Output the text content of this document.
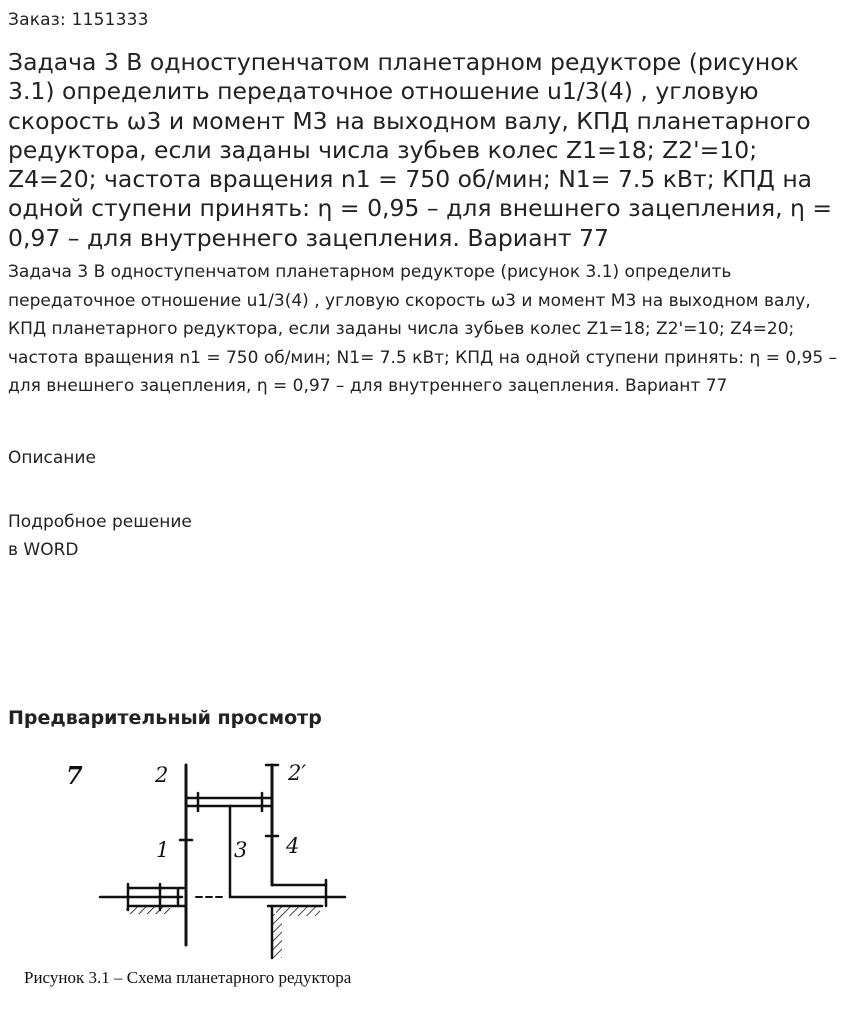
Заказ: 1151333
Задача 3 В одноступенчатом планетарном редукторе (рисунок 3.1) определить передаточное отношение u1/3(4) , угловую скорость ω3 и момент М3 на выходном валу, КПД планетарного редуктора, если заданы числа зубьев колес Z1=18; Z2'=10; Z4=20; частота вращения n1 = 750 об/мин; N1= 7.5 кВт; КПД на одной ступени принять: η = 0,95 – для внешнего зацепления, η = 0,97 – для внутреннего зацепления. Вариант 77

Задача 3 В одноступенчатом планетарном редукторе (рисунок 3.1) определить передаточное отношение u1/3(4) , угловую скорость ω3 и момент М3 на выходном валу, КПД планетарного редуктора, если заданы числа зубьев колес Z1=18; Z2'=10; Z4=20; частота вращения n1 = 750 об/мин; N1= 7.5 кВт; КПД на одной ступени принять: η = 0,95 – для внешнего зацепления, η = 0,97 – для внутреннего зацепления. Вариант 77

Описание
Подробное решение
в WORD
Предварительный просмотр
7	2	2′
1	3 4
Рисунок 3.1 – Схема планетарного редуктора
